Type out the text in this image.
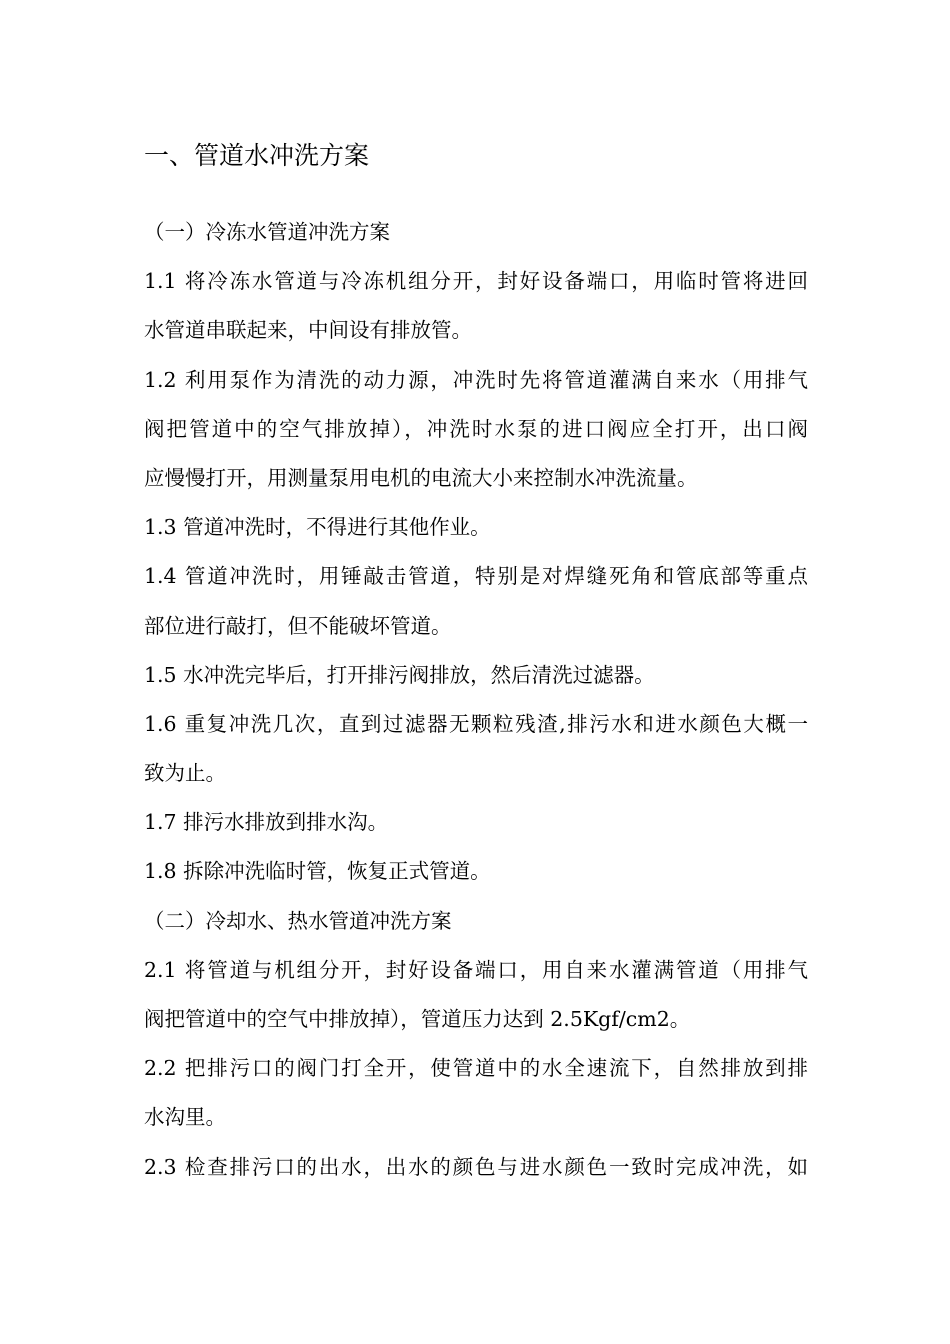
一、管道水冲洗方案
（一）冷冻水管道冲洗方案
1.1 将冷冻水管道与冷冻机组分开，封好设备端口，用临时管将进回
水管道串联起来，中间设有排放管。
1.2 利用泵作为清洗的动力源，冲洗时先将管道灌满自来水（用排气
阀把管道中的空气排放掉），冲洗时水泵的进口阀应全打开，出口阀
应慢慢打开，用测量泵用电机的电流大小来控制水冲洗流量。
1.3 管道冲洗时，不得进行其他作业。
1.4 管道冲洗时，用锤敲击管道，特别是对焊缝死角和管底部等重点
部位进行敲打，但不能破坏管道。
1.5 水冲洗完毕后，打开排污阀排放，然后清洗过滤器。
1.6 重复冲洗几次，直到过滤器无颗粒残渣,排污水和进水颜色大概一
致为止。
1.7 排污水排放到排水沟。
1.8 拆除冲洗临时管，恢复正式管道。
（二）冷却水、热水管道冲洗方案
2.1 将管道与机组分开，封好设备端口，用自来水灌满管道（用排气
阀把管道中的空气中排放掉），管道压力达到 2.5Kgf/cm2。
2.2 把排污口的阀门打全开，使管道中的水全速流下，自然排放到排
水沟里。
2.3 检查排污口的出水，出水的颜色与进水颜色一致时完成冲洗，如
